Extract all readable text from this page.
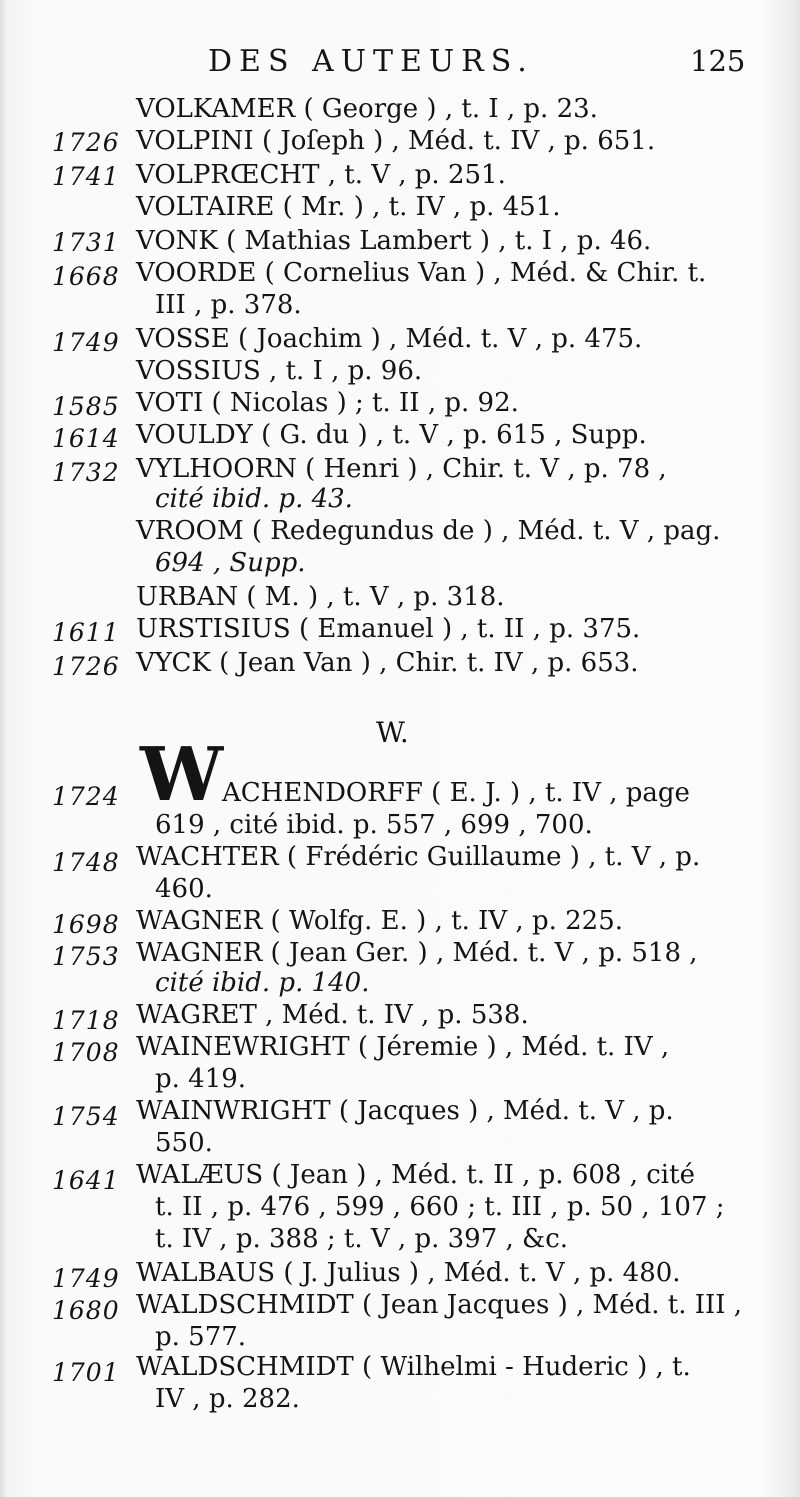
DES AUTEURS.	125
VOLKAMER ( George ) , t. I , p. 23.
1726 VOLPINI ( Joſeph ) , Méd. t. IV , p. 651.
1741 VOLPRŒCHT , t. V , p. 251.
VOLTAIRE ( Mr. ) , t. IV , p. 451.
1731 VONK ( Mathias Lambert ) , t. I , p. 46.
1668 VOORDE ( Cornelius Van ) , Méd. & Chir. t.
III , p. 378.
1749 VOSSE ( Joachim ) , Méd. t. V , p. 475.
VOSSIUS , t. I , p. 96.
1585 VOTI ( Nicolas ) ; t. II , p. 92.
1614 VOULDY ( G. du ) , t. V , p. 615 , Supp.
1732 VYLHOORN ( Henri ) , Chir. t. V , p. 78 ,
cité ibid. p. 43.
VROOM ( Redegundus de ) , Méd. t. V , pag.
694 , Supp.
URBAN ( M. ) , t. V , p. 318.
1611 URSTISIUS ( Emanuel ) , t. II , p. 375.
1726 VYCK ( Jean Van ) , Chir. t. IV , p. 653.
W.
W
1724	ACHENDORFF ( E. J. ) , t. IV , page
619 , cité ibid. p. 557 , 699 , 700.
1748 WACHTER ( Frédéric Guillaume ) , t. V , p.
460.
1698 WAGNER ( Wolfg. E. ) , t. IV , p. 225.
1753 WAGNER ( Jean Ger. ) , Méd. t. V , p. 518 ,
cité ibid. p. 140.
1718 WAGRET , Méd. t. IV , p. 538.
1708 WAINEWRIGHT ( Jéremie ) , Méd. t. IV ,
p. 419.
1754 WAINWRIGHT ( Jacques ) , Méd. t. V , p.
550.
1641 WALÆUS ( Jean ) , Méd. t. II , p. 608 , cité
t. II , p. 476 , 599 , 660 ; t. III , p. 50 , 107 ;
t. IV , p. 388 ; t. V , p. 397 , &c.
1749 WALBAUS ( J. Julius ) , Méd. t. V , p. 480.
1680 WALDSCHMIDT ( Jean Jacques ) , Méd. t. III ,
p. 577.
1701 WALDSCHMIDT ( Wilhelmi - Huderic ) , t.
IV , p. 282.
